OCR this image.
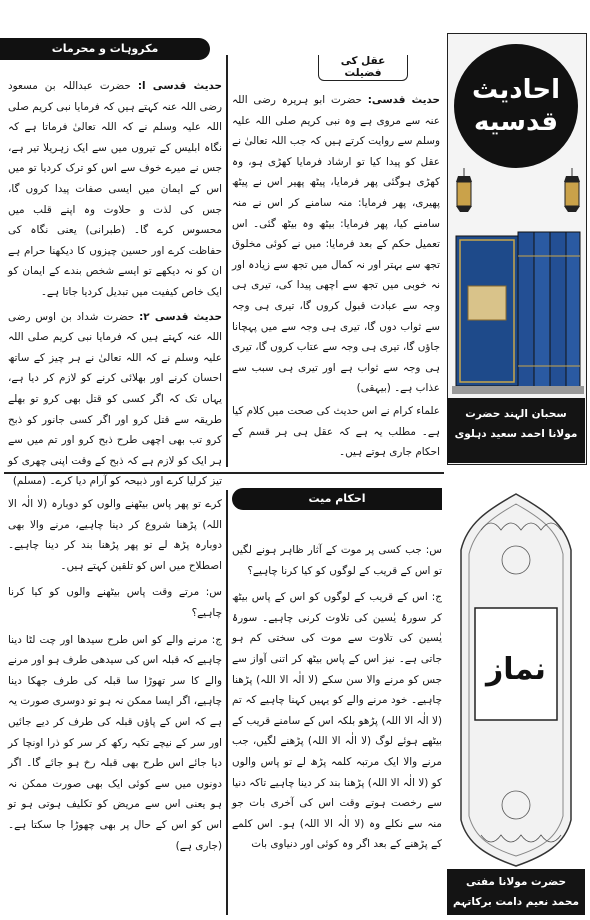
احادیث
قدسیه
سحبان الہند حضرت
مولانا احمد سعید دہلوی
عقل کی فضیلت

حدیث قدسی: حضرت ابو ہریرہ رضی اللہ عنہ سے مروی ہے وہ نبی کریم صلی اللہ علیہ وسلم سے روایت کرتے ہیں کہ جب اللہ تعالیٰ نے عقل کو پیدا کیا تو ارشاد فرمایا کھڑی ہو، وہ کھڑی ہوگئی پھر فرمایا، پیٹھ پھیر اس نے پیٹھ پھیری، پھر فرمایا: منہ سامنے کر اس نے منہ سامنے کیا، پھر فرمایا: بیٹھ وہ بیٹھ گئی۔ اس تعمیل حکم کے بعد فرمایا: میں نے کوئی مخلوق تجھ سے بہتر اور نہ کمال میں تجھ سے زیادہ اور نہ خوبی میں تجھ سے اچھی پیدا کی، تیری ہی وجہ سے عبادت قبول کروں گا، تیری ہی وجہ سے ثواب دوں گا، تیری ہی وجہ سے میں پہچانا جاؤں گا، تیری ہی وجہ سے عتاب کروں گا، تیری ہی وجہ سے ثواب ہے اور تیری ہی سبب سے عذاب ہے۔ (بیہقی)

علماء کرام نے اس حدیث کی صحت میں کلام کیا ہے۔ مطلب یہ ہے کہ عقل ہی ہر قسم کے احکام جاری ہوتے ہیں۔

مکروہات و محرمات

حدیث قدسی ا: حضرت عبداللہ بن مسعود رضی اللہ عنہ کہتے ہیں کہ فرمایا نبی کریم صلی اللہ علیہ وسلم نے کہ اللہ تعالیٰ فرماتا ہے کہ نگاہ ابلیس کے تیروں میں سے ایک زہریلا تیر ہے، جس نے میرے خوف سے اس کو ترک کردیا تو میں اس کے ایمان میں ایسی صفات پیدا کروں گا، جس کی لذت و حلاوت وہ اپنے قلب میں محسوس کرے گا۔ (طبرانی) یعنی نگاہ کی حفاظت کرے اور حسین چیزوں کا دیکھنا حرام ہے ان کو نہ دیکھے تو ایسے شخص بندے کے ایمان کو ایک خاص کیفیت میں تبدیل کردیا جاتا ہے۔

حدیث قدسی ۲: حضرت شداد بن اوس رضی اللہ عنہ کہتے ہیں کہ فرمایا نبی کریم صلی اللہ علیہ وسلم نے کہ اللہ تعالیٰ نے ہر چیز کے ساتھ احسان کرنے اور بھلائی کرنے کو لازم کر دیا ہے، یہاں تک کہ اگر کسی کو قتل بھی کرو تو بھلے طریقہ سے قتل کرو اور اگر کسی جانور کو ذبح کرو تب بھی اچھی طرح ذبح کرو اور تم میں سے ہر ایک کو لازم ہے کہ ذبح کے وقت اپنی چھری کو تیز کرلیا کرے اور ذبیحہ کو آرام دیا کرے۔ (مسلم)

احکام میت

س: جب کسی پر موت کے آثار ظاہر ہونے لگیں تو اس کے قریب کے لوگوں کو کیا کرنا چاہیے؟

ج: اس کے قریب کے لوگوں کو اس کے پاس بیٹھ کر سورۂ یٰسین کی تلاوت کرنی چاہیے۔ سورۂ یٰسین کی تلاوت سے موت کی سختی کم ہو جاتی ہے۔ نیز اس کے پاس بیٹھ کر اتنی آواز سے جس کو مرنے والا سن سکے (لا الٰہ الا اللہ) پڑھنا چاہیے۔ خود مرنے والے کو یہیں کہنا چاہیے کہ تم (لا الٰہ الا اللہ) پڑھو بلکہ اس کے سامنے قریب کے بیٹھے ہوئے لوگ (لا الٰہ الا اللہ) پڑھنے لگیں، جب مرنے والا ایک مرتبہ کلمہ پڑھ لے تو پاس والوں کو (لا الٰہ الا اللہ) پڑھنا بند کر دینا چاہیے تاکہ دنیا سے رخصت ہوتے وقت اس کی آخری بات جو منہ سے نکلے وہ (لا الٰہ الا اللہ) ہو۔ اس کلمے کے پڑھنے کے بعد اگر وہ کوئی اور دنیاوی بات

کرے تو پھر پاس بیٹھنے والوں کو دوبارہ (لا الٰہ الا اللہ) پڑھنا شروع کر دینا چاہیے، مرنے والا بھی دوبارہ پڑھ لے تو پھر پڑھنا بند کر دینا چاہیے۔ اصطلاح میں اس کو تلقین کہتے ہیں۔

س: مرتے وقت پاس بیٹھنے والوں کو کیا کرنا چاہیے؟

ج: مرنے والے کو اس طرح سیدھا اور چت لٹا دینا چاہیے کہ قبلہ اس کی سیدھی طرف ہو اور مرنے والے کا سر تھوڑا سا قبلہ کی طرف جھکا دینا چاہیے، اگر ایسا ممکن نہ ہو تو دوسری صورت یہ ہے کہ اس کے پاؤں قبلہ کی طرف کر دیے جائیں اور سر کے نیچے تکیہ رکھ کر سر کو ذرا اونچا کر دیا جائے اس طرح بھی قبلہ رخ ہو جائے گا۔ اگر دونوں میں سے کوئی ایک بھی صورت ممکن نہ ہو یعنی اس سے مریض کو تکلیف ہوتی ہو تو اس کو اس کے حال پر بھی چھوڑا جا سکتا ہے۔ (جاری ہے)

نماز
حضرت مولانا مفتی
محمد نعیم دامت برکاتہم
